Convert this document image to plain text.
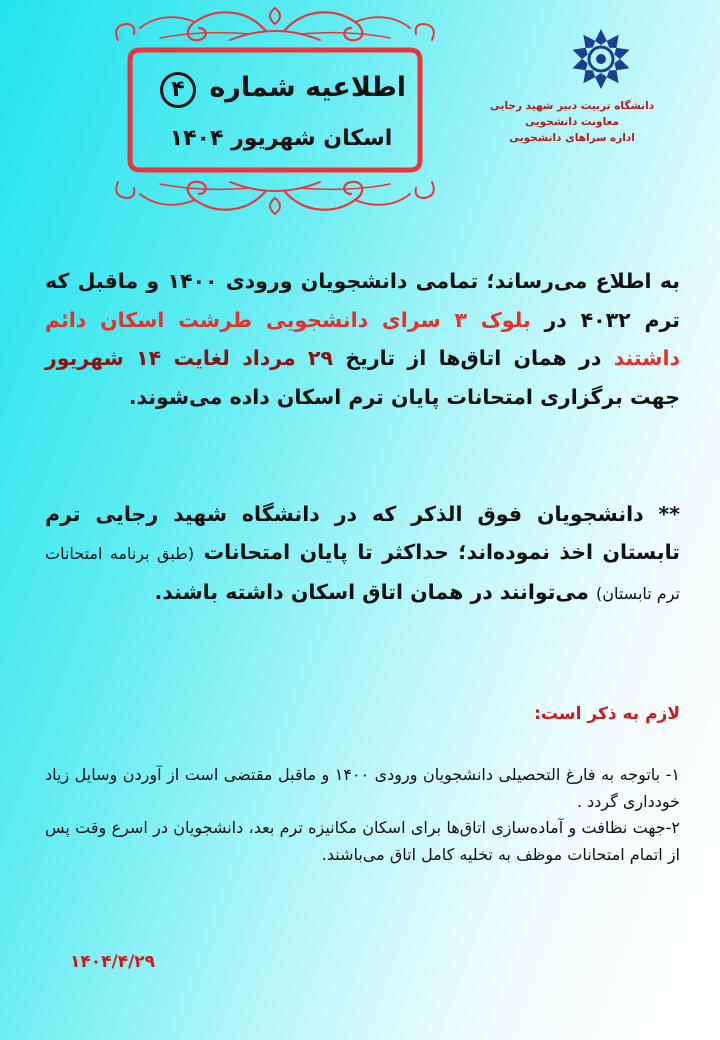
اطلاعیه شماره ۴
اسکان شهریور ۱۴۰۴
دانشگاه تربیت دبیر شهید رجایی
معاونت دانشجویی
اداره سراهای دانشجویی
به اطلاع می‌رساند؛ تمامی دانشجویان ورودی ۱۴۰۰ و ماقبل که ترم ۴۰۳۲ در بلوک ۳ سرای دانشجویی طرشت اسکان دائم داشتند در همان اتاق‌ها از تاریخ ۲۹ مرداد لغایت ۱۴ شهریور جهت برگزاری امتحانات پایان ترم اسکان داده می‌شوند.
** دانشجویان فوق الذکر که در دانشگاه شهید رجایی ترم تابستان اخذ نموده‌اند؛ حداکثر تا پایان امتحانات (طبق برنامه امتحانات ترم تابستان) می‌توانند در همان اتاق اسکان داشته باشند.
لازم به ذکر است:
۱- باتوجه به فارغ التحصیلی دانشجویان ورودی ۱۴۰۰ و ماقبل مقتضی است از آوردن وسایل زیاد خودداری گردد .
۲-جهت نظافت و آماده‌سازی اتاق‌ها برای اسکان مکانیزه ترم بعد، دانشجویان در اسرع وقت پس از اتمام امتحانات موظف به تخلیه کامل اتاق می‌باشند.
۱۴۰۴/۴/۲۹
